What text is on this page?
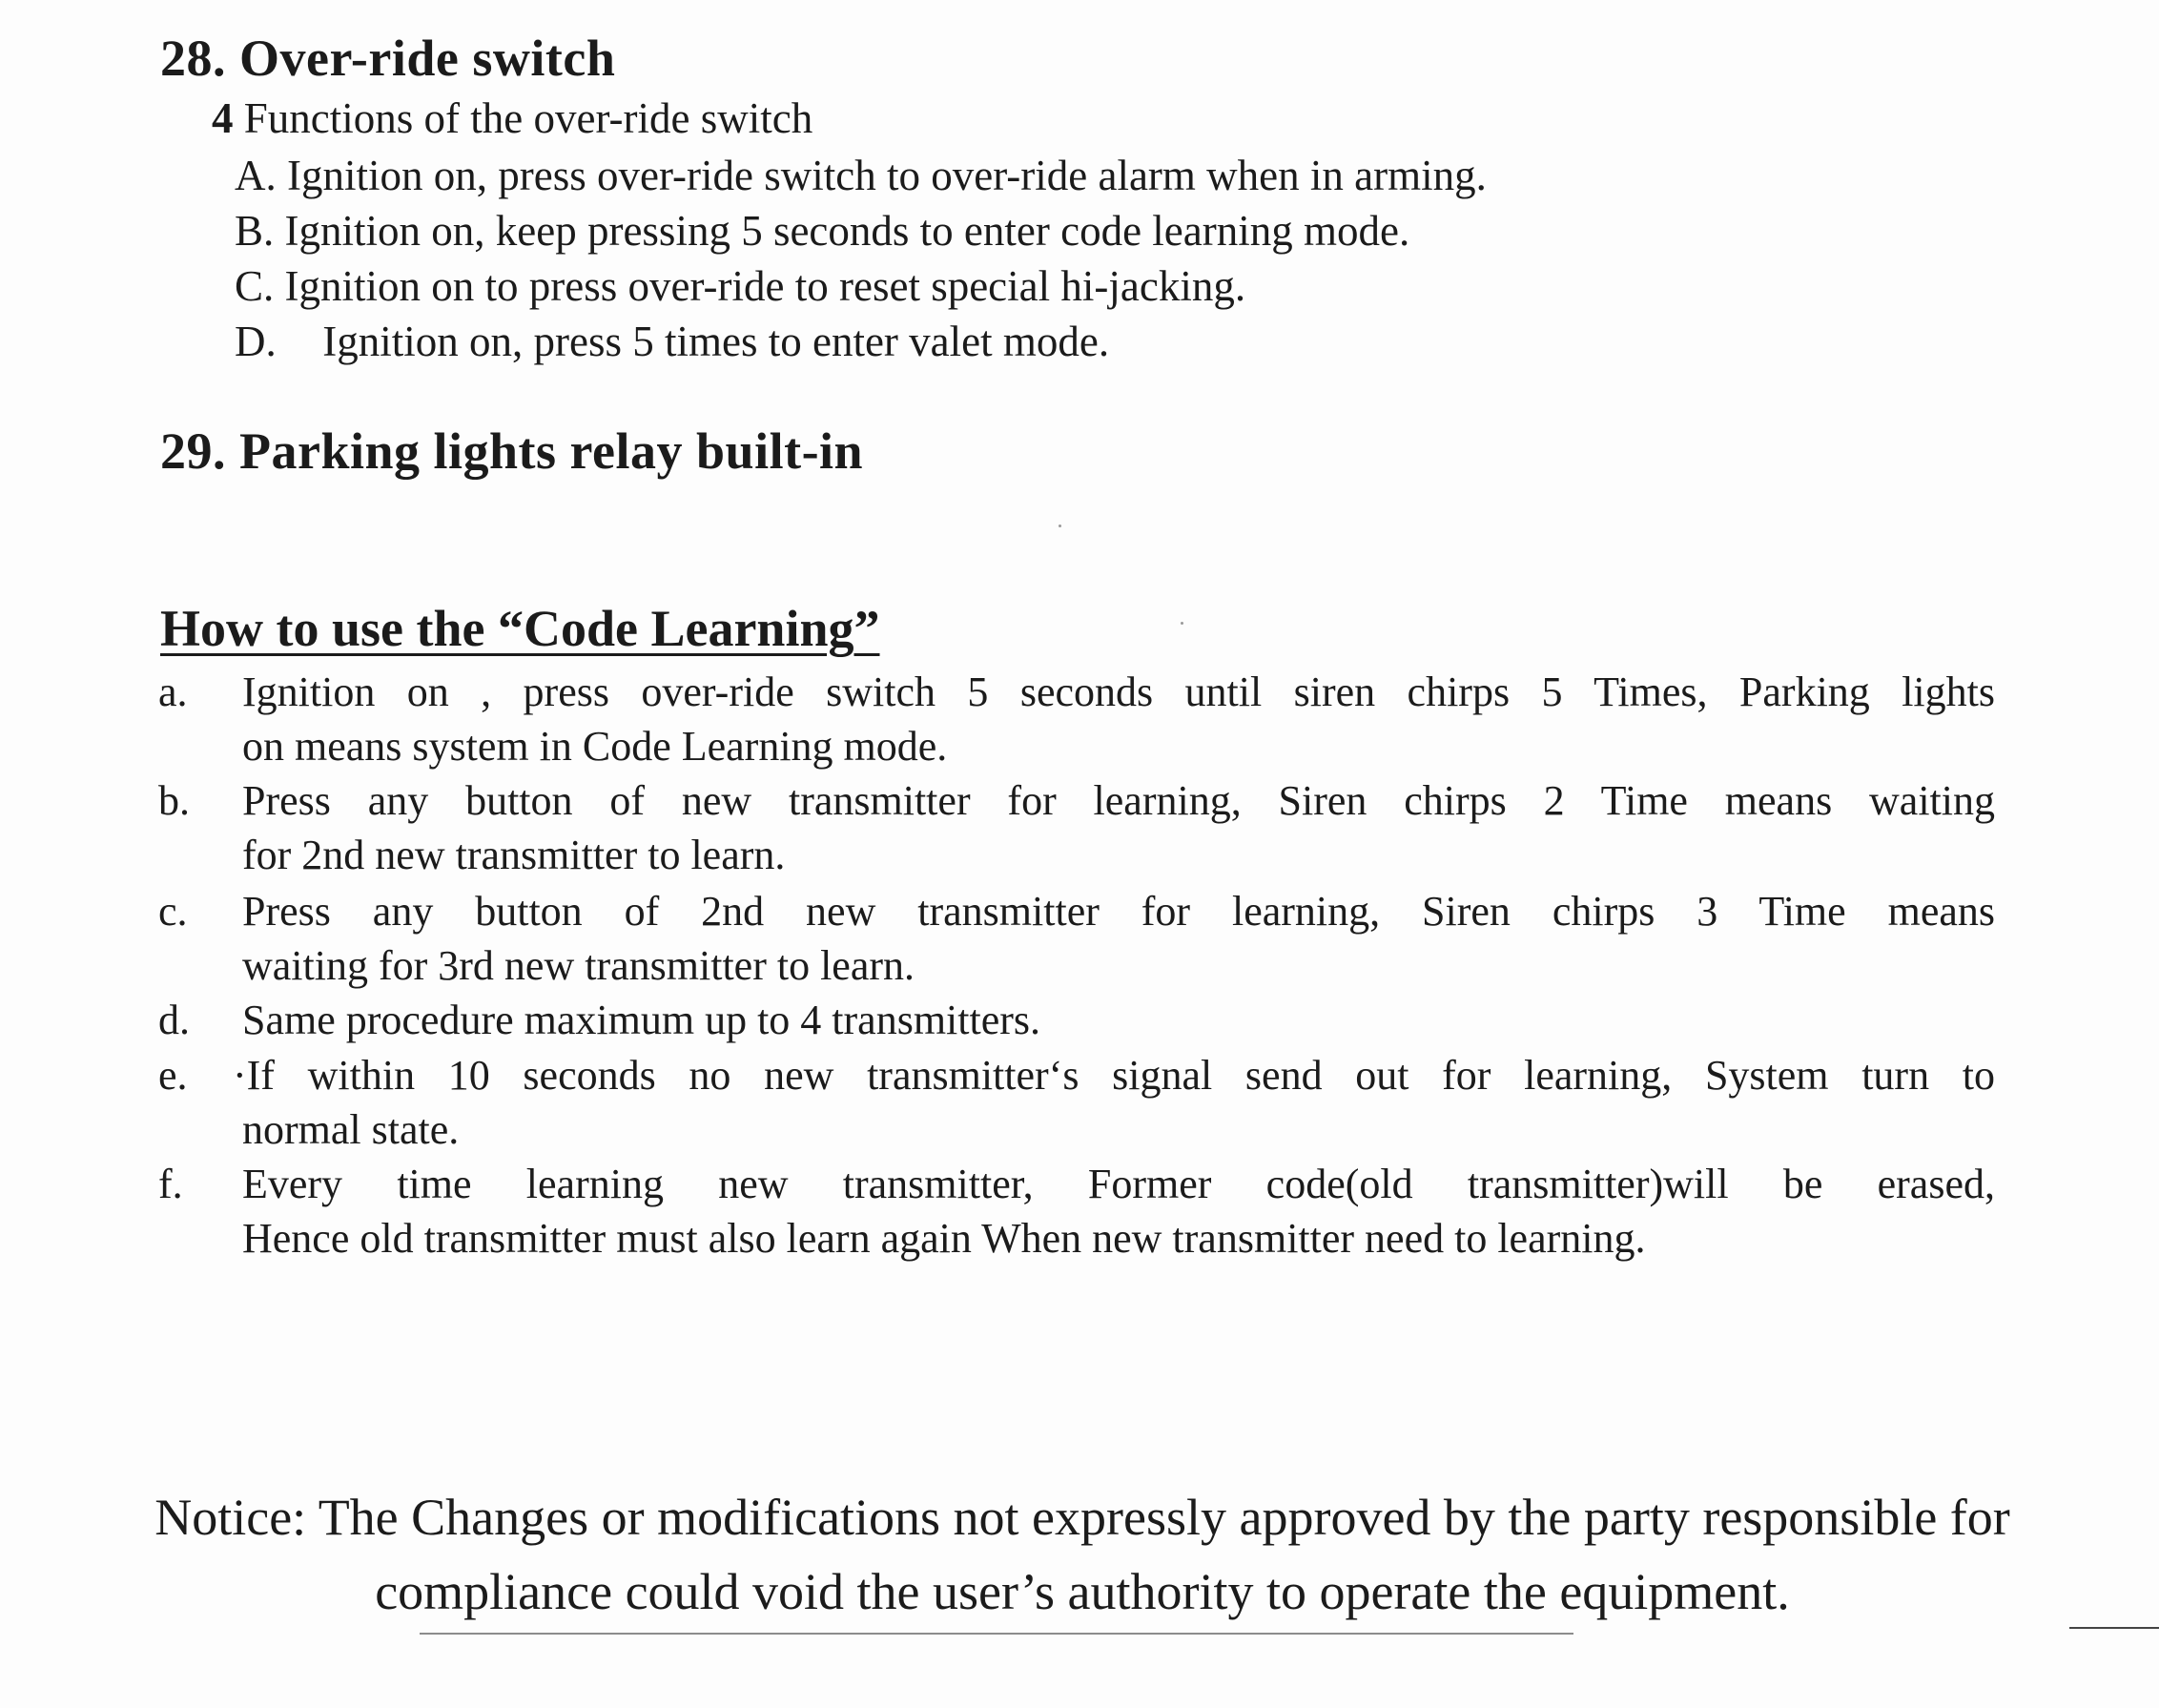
28. Over-ride switch
4 Functions of the over-ride switch
A. Ignition on, press over-ride switch to over-ride alarm when in arming.
B. Ignition on, keep pressing 5 seconds to enter code learning mode.
C. Ignition on to press over-ride to reset special hi-jacking.
D. Ignition on, press 5 times to enter valet mode.
29. Parking lights relay built-in
How to use the “Code Learning”
a. Ignition on , press over-ride switch 5 seconds until siren chirps 5 Times, Parking lights
on means system in Code Learning mode.
b. Press any button of new transmitter for learning, Siren chirps 2 Time means waiting
for 2nd new transmitter to learn.
c. Press any button of 2nd new transmitter for learning, Siren chirps 3 Time means
waiting for 3rd new transmitter to learn.
d. Same procedure maximum up to 4 transmitters.
e. ·If within 10 seconds no new transmitter‘s signal send out for learning, System turn to
normal state.
f. Every time learning new transmitter, Former code(old transmitter)will be erased,
Hence old transmitter must also learn again When new transmitter need to learning.
Notice: The Changes or modifications not expressly approved by the party responsible for
compliance could void the user’s authority to operate the equipment.
